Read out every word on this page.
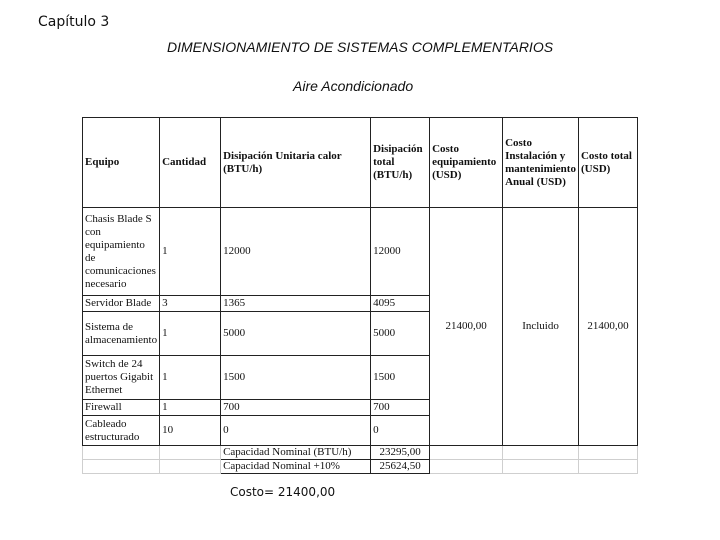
Capítulo 3
DIMENSIONAMIENTO DE SISTEMAS COMPLEMENTARIOS
Aire Acondicionado
Equipo	Cantidad	Disipación Unitaria calor (BTU/h)	Disipación total (BTU/h)	Costo equipamiento (USD)	Costo Instalación y mantenimiento Anual (USD)	Costo total (USD)
Chasis Blade S con equipamiento de comunicaciones necesario	1	12000	12000	21400,00	Incluido	21400,00
Servidor Blade	3	1365	4095			
Sistema de almacenamiento	1	5000	5000			
Switch de 24 puertos Gigabit Ethernet	1	1500	1500			
Firewall	1	700	700			
Cableado estructurado	10	0	0			
		Capacidad Nominal (BTU/h)	23295,00			
		Capacidad Nominal +10%	25624,50			
Costo= 21400,00
